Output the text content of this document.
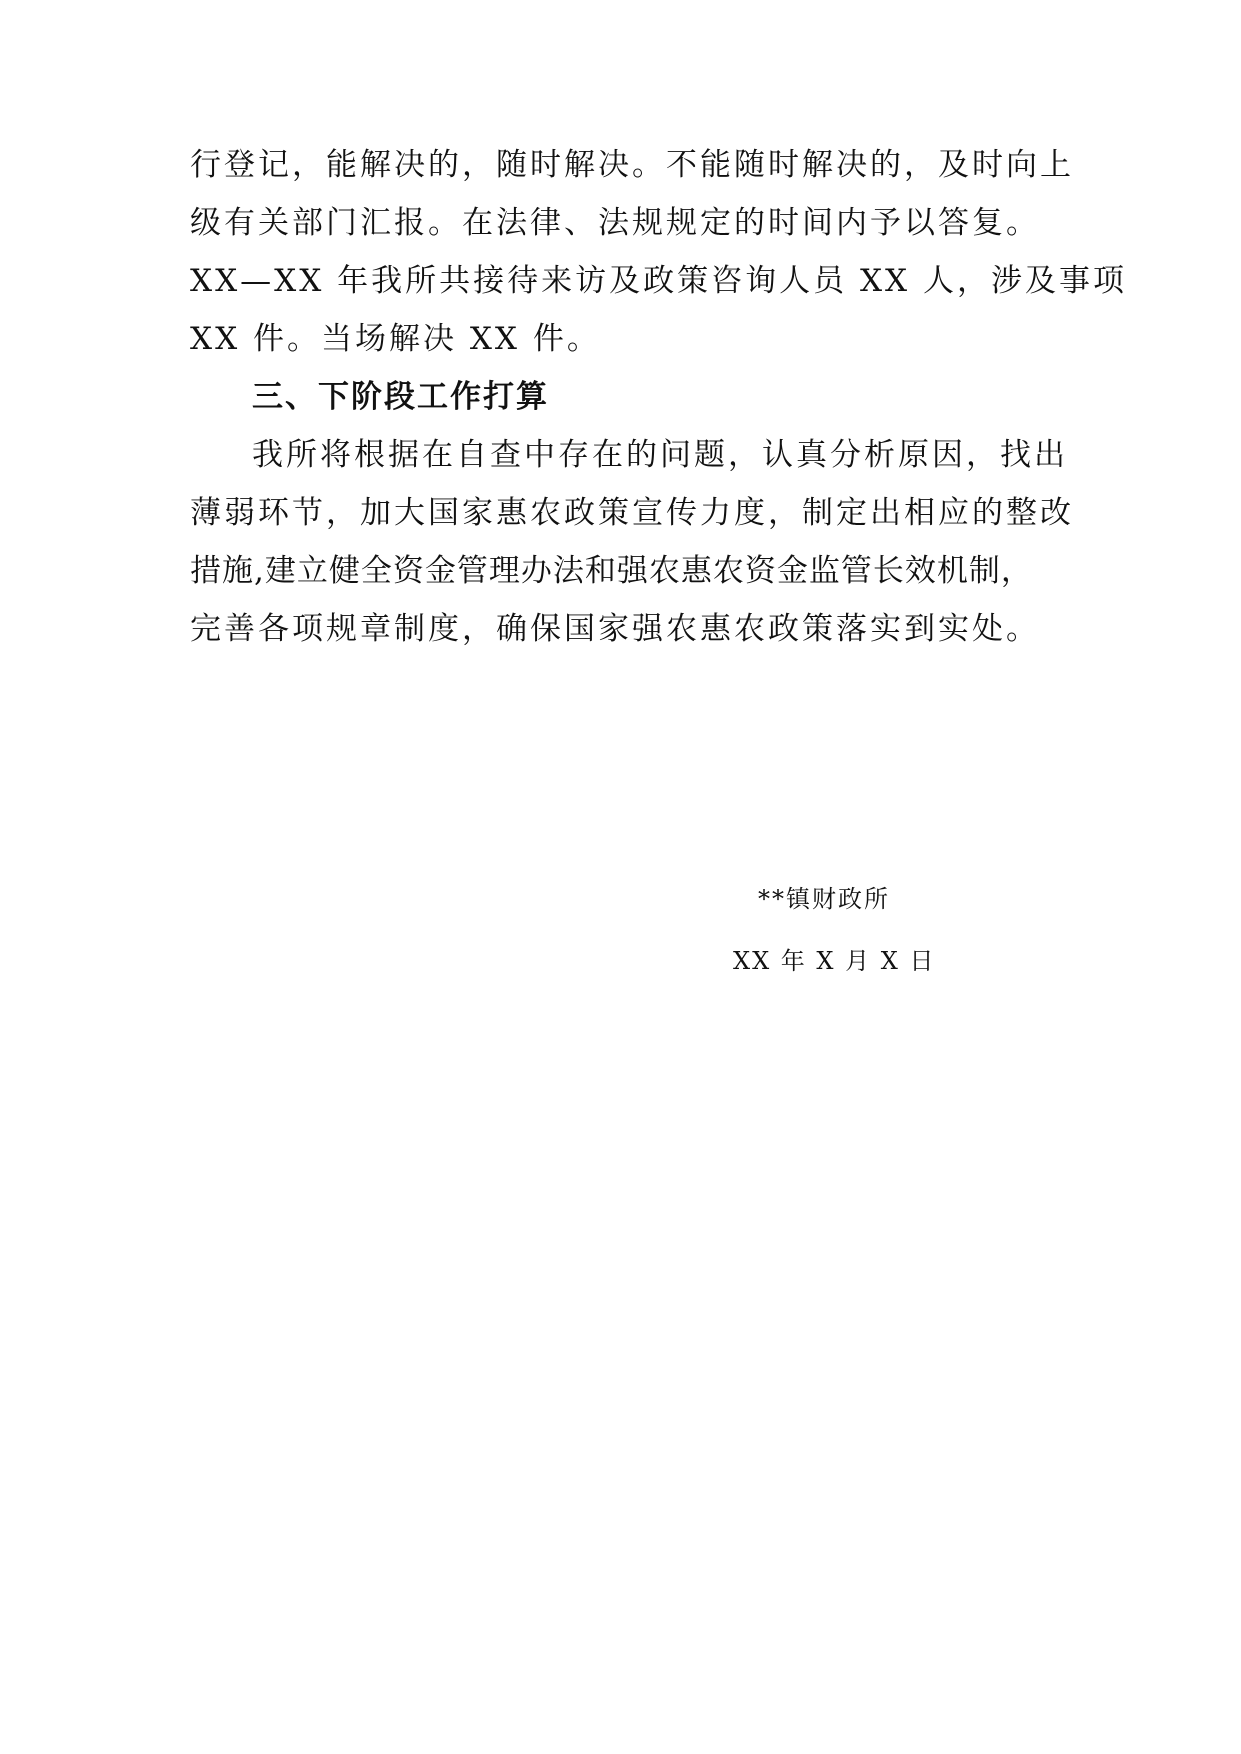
行登记，能解决的，随时解决。不能随时解决的，及时向上
级有关部门汇报。在法律、法规规定的时间内予以答复。
XX—XX 年我所共接待来访及政策咨询人员 XX 人，涉及事项
XX 件。当场解决 XX 件。
三、下阶段工作打算
我所将根据在自查中存在的问题，认真分析原因，找出
薄弱环节，加大国家惠农政策宣传力度，制定出相应的整改
措施,建立健全资金管理办法和强农惠农资金监管长效机制，
完善各项规章制度，确保国家强农惠农政策落实到实处。
**镇财政所
XX 年 X 月 X 日
